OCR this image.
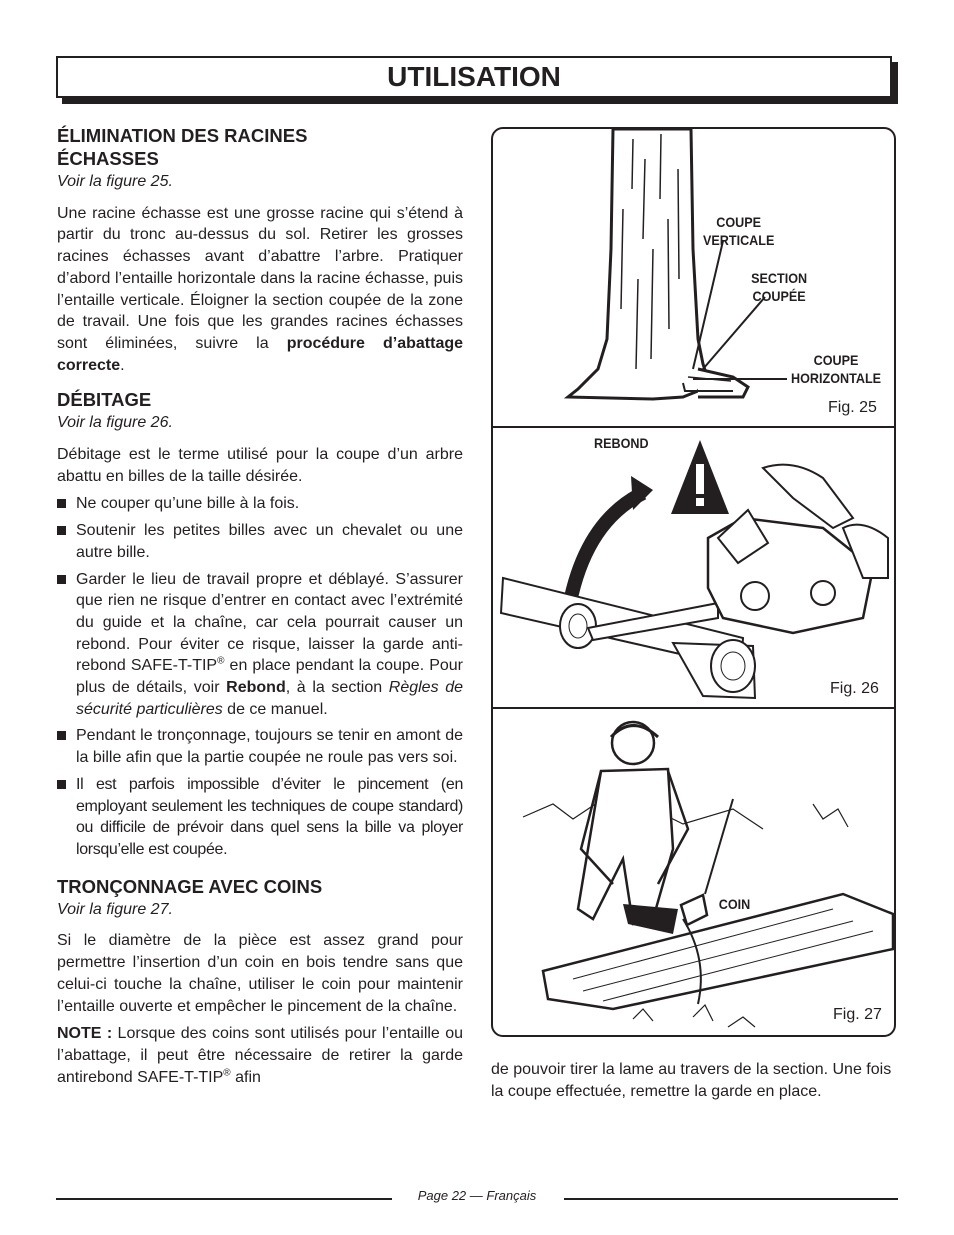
UTILISATION
ÉLIMINATION DES RACINES
ÉCHASSES
Voir la figure 25.

Une racine échasse est une grosse racine qui s’étend à partir du tronc au-dessus du sol. Retirer les grosses racines échasses avant d’abattre l’arbre. Pratiquer d’abord l’entaille horizontale dans la racine échasse, puis l’entaille verticale. Éloigner la section coupée de la zone de travail. Une fois que les grandes racines échasses sont éliminées, suivre la procédure d’abattage correcte.

DÉBITAGE
Voir la figure 26.

Débitage est le terme utilisé pour la coupe d’un arbre abattu en billes de la taille désirée.

Ne couper qu’une bille à la fois.
Soutenir les petites billes avec un chevalet ou une autre bille.
Garder le lieu de travail propre et déblayé. S’assurer que rien ne risque d’entrer en contact avec l’extrémité du guide et la chaîne, car cela pourrait causer un rebond. Pour éviter ce risque, laisser la garde anti-rebond SAFE-T-TIP® en place pendant la coupe. Pour plus de détails, voir Rebond, à la section Règles de sécurité particulières de ce manuel.
Pendant le tronçonnage, toujours se tenir en amont de la bille afin que la partie coupée ne roule pas vers soi.
Il est parfois impossible d’éviter le pincement (en employant seulement les techniques de coupe standard) ou difficile de prévoir dans quel sens la bille va ployer lorsqu’elle est coupée.
TRONÇONNAGE AVEC COINS
Voir la figure 27.

Si le diamètre de la pièce est assez grand pour permettre l’insertion d’un coin en bois tendre sans que celui-ci touche la chaîne, utiliser le coin pour maintenir l’entaille ouverte et empêcher le pincement de la chaîne.

NOTE : Lorsque des coins sont utilisés pour l’entaille ou l’abattage, il peut être nécessaire de retirer la garde antirebond SAFE-T-TIP® afin

COUPE
VERTICALE
SECTION
COUPÉE
COUPE
HORIZONTALE
Fig. 25
REBOND
Fig. 26
COIN
Fig. 27

de pouvoir tirer la lame au travers de la section. Une fois la coupe effectuée, remettre la garde en place.

Page 22 — Français
